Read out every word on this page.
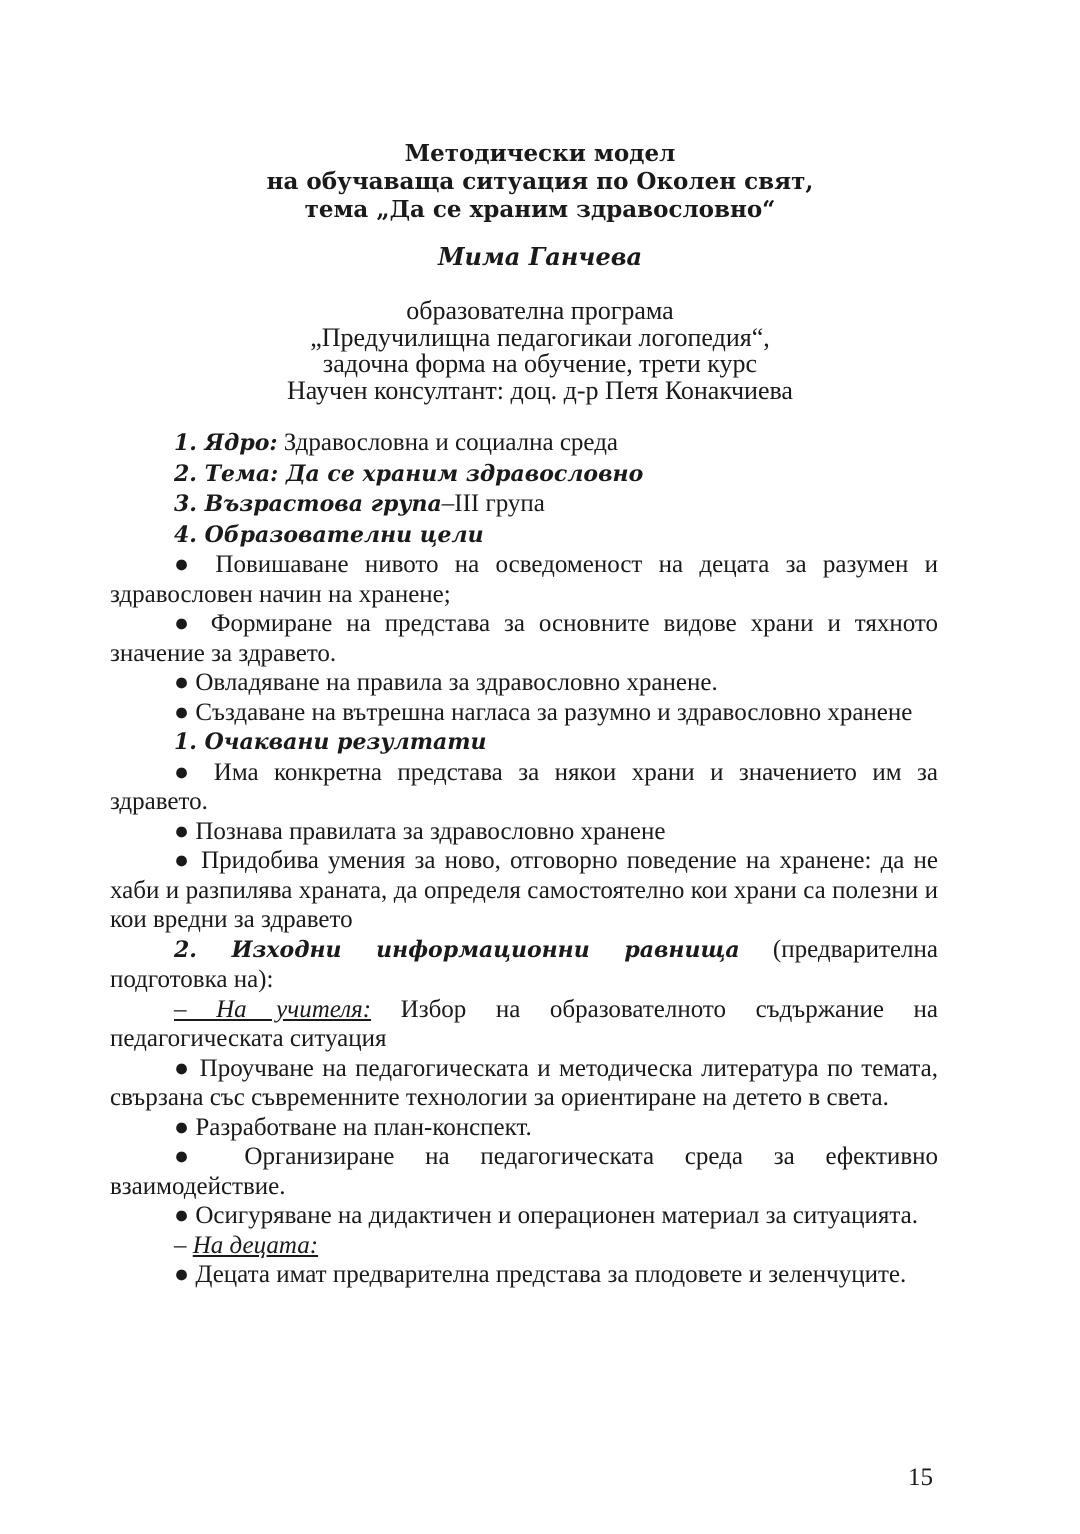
Методически модел
на обучаваща ситуация по Околен свят,
тема „Да се храним здравословно“
Мима Ганчева
образователна програма
„Предучилищна педагогикаи логопедия“,
задочна форма на обучение, трети курс
Научен консултант: доц. д-р Петя Конакчиева

1. Ядро: Здравословна и социална среда

2. Тема: Да се храним здравословно

3. Възрастова група–III група

4. Образователни цели

● Повишаване нивото на осведоменост на децата за разумен и здравословен начин на хранене;

● Формиране на представа за основните видове храни и тяхното значение за здравето.

● Овладяване на правила за здравословно хранене.

● Създаване на вътрешна нагласа за разумно и здравословно хранене

1. Очаквани резултати

● Има конкретна представа за някои храни и значението им за здравето.

● Познава правилата за здравословно хранене

● Придобива умения за ново, отговорно поведение на хранене: да не хаби и разпилява храната, да определя самостоятелно кои храни са полезни и кои вредни за здравето

2. Изходни информационни равнища (предварителна подготовка на):

– На учителя: Избор на образователното съдържание на педагогическата ситуация

● Проучване на педагогическата и методическа литература по темата, свързана със съвременните технологии за ориентиране на детето в света.

● Разработване на план-конспект.

● Организиране на педагогическата среда за ефективно взаимодействие.

● Осигуряване на дидактичен и операционен материал за ситуацията.

– На децата:

● Децата имат предварителна представа за плодовете и зеленчуците.

15
